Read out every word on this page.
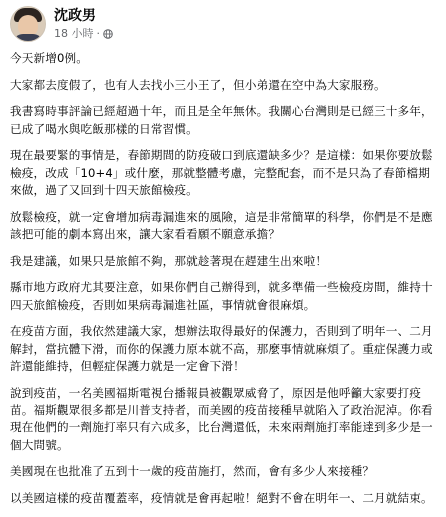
沈政男
18 小時 ·

今天新增0例。

大家都去度假了，也有人去找小三小王了，但小弟還在空中為大家服務。

我書寫時事評論已經超過十年，而且是全年無休。我關心台灣則是已經三十多年，已成了喝水與吃飯那樣的日常習慣。

現在最要緊的事情是，春節期間的防疫破口到底還缺多少？是這樣：如果你要放鬆檢疫，改成「10+4」或什麼，那就整體考慮，完整配套，而不是只為了春節檔期來做，過了又回到十四天旅館檢疫。

放鬆檢疫，就一定會增加病毒漏進來的風險，這是非常簡單的科學，你們是不是應該把可能的劇本寫出來，讓大家看看願不願意承擔？

我是建議，如果只是旅館不夠，那就趁著現在趕建生出來啦！

縣市地方政府尤其要注意，如果你們自己辦得到，就多準備一些檢疫房間，維持十四天旅館檢疫，否則如果病毒漏進社區，事情就會很麻煩。

在疫苗方面，我依然建議大家，想辦法取得最好的保護力，否則到了明年一、二月解封，當抗體下滑，而你的保護力原本就不高，那麼事情就麻煩了。重症保護力或許還能維持，但輕症保護力就是一定會下滑！

說到疫苗，一名美國福斯電視台播報員被觀眾威脅了，原因是他呼籲大家要打疫苗。福斯觀眾很多都是川普支持者，而美國的疫苗接種早就陷入了政治泥淖。你看現在他們的一劑施打率只有六成多，比台灣還低，未來兩劑施打率能達到多少是一個大問號。

美國現在也批准了五到十一歲的疫苗施打，然而，會有多少人來接種？

以美國這樣的疫苗覆蓋率，疫情就是會再起啦！絕對不會在明年一、二月就結束。
